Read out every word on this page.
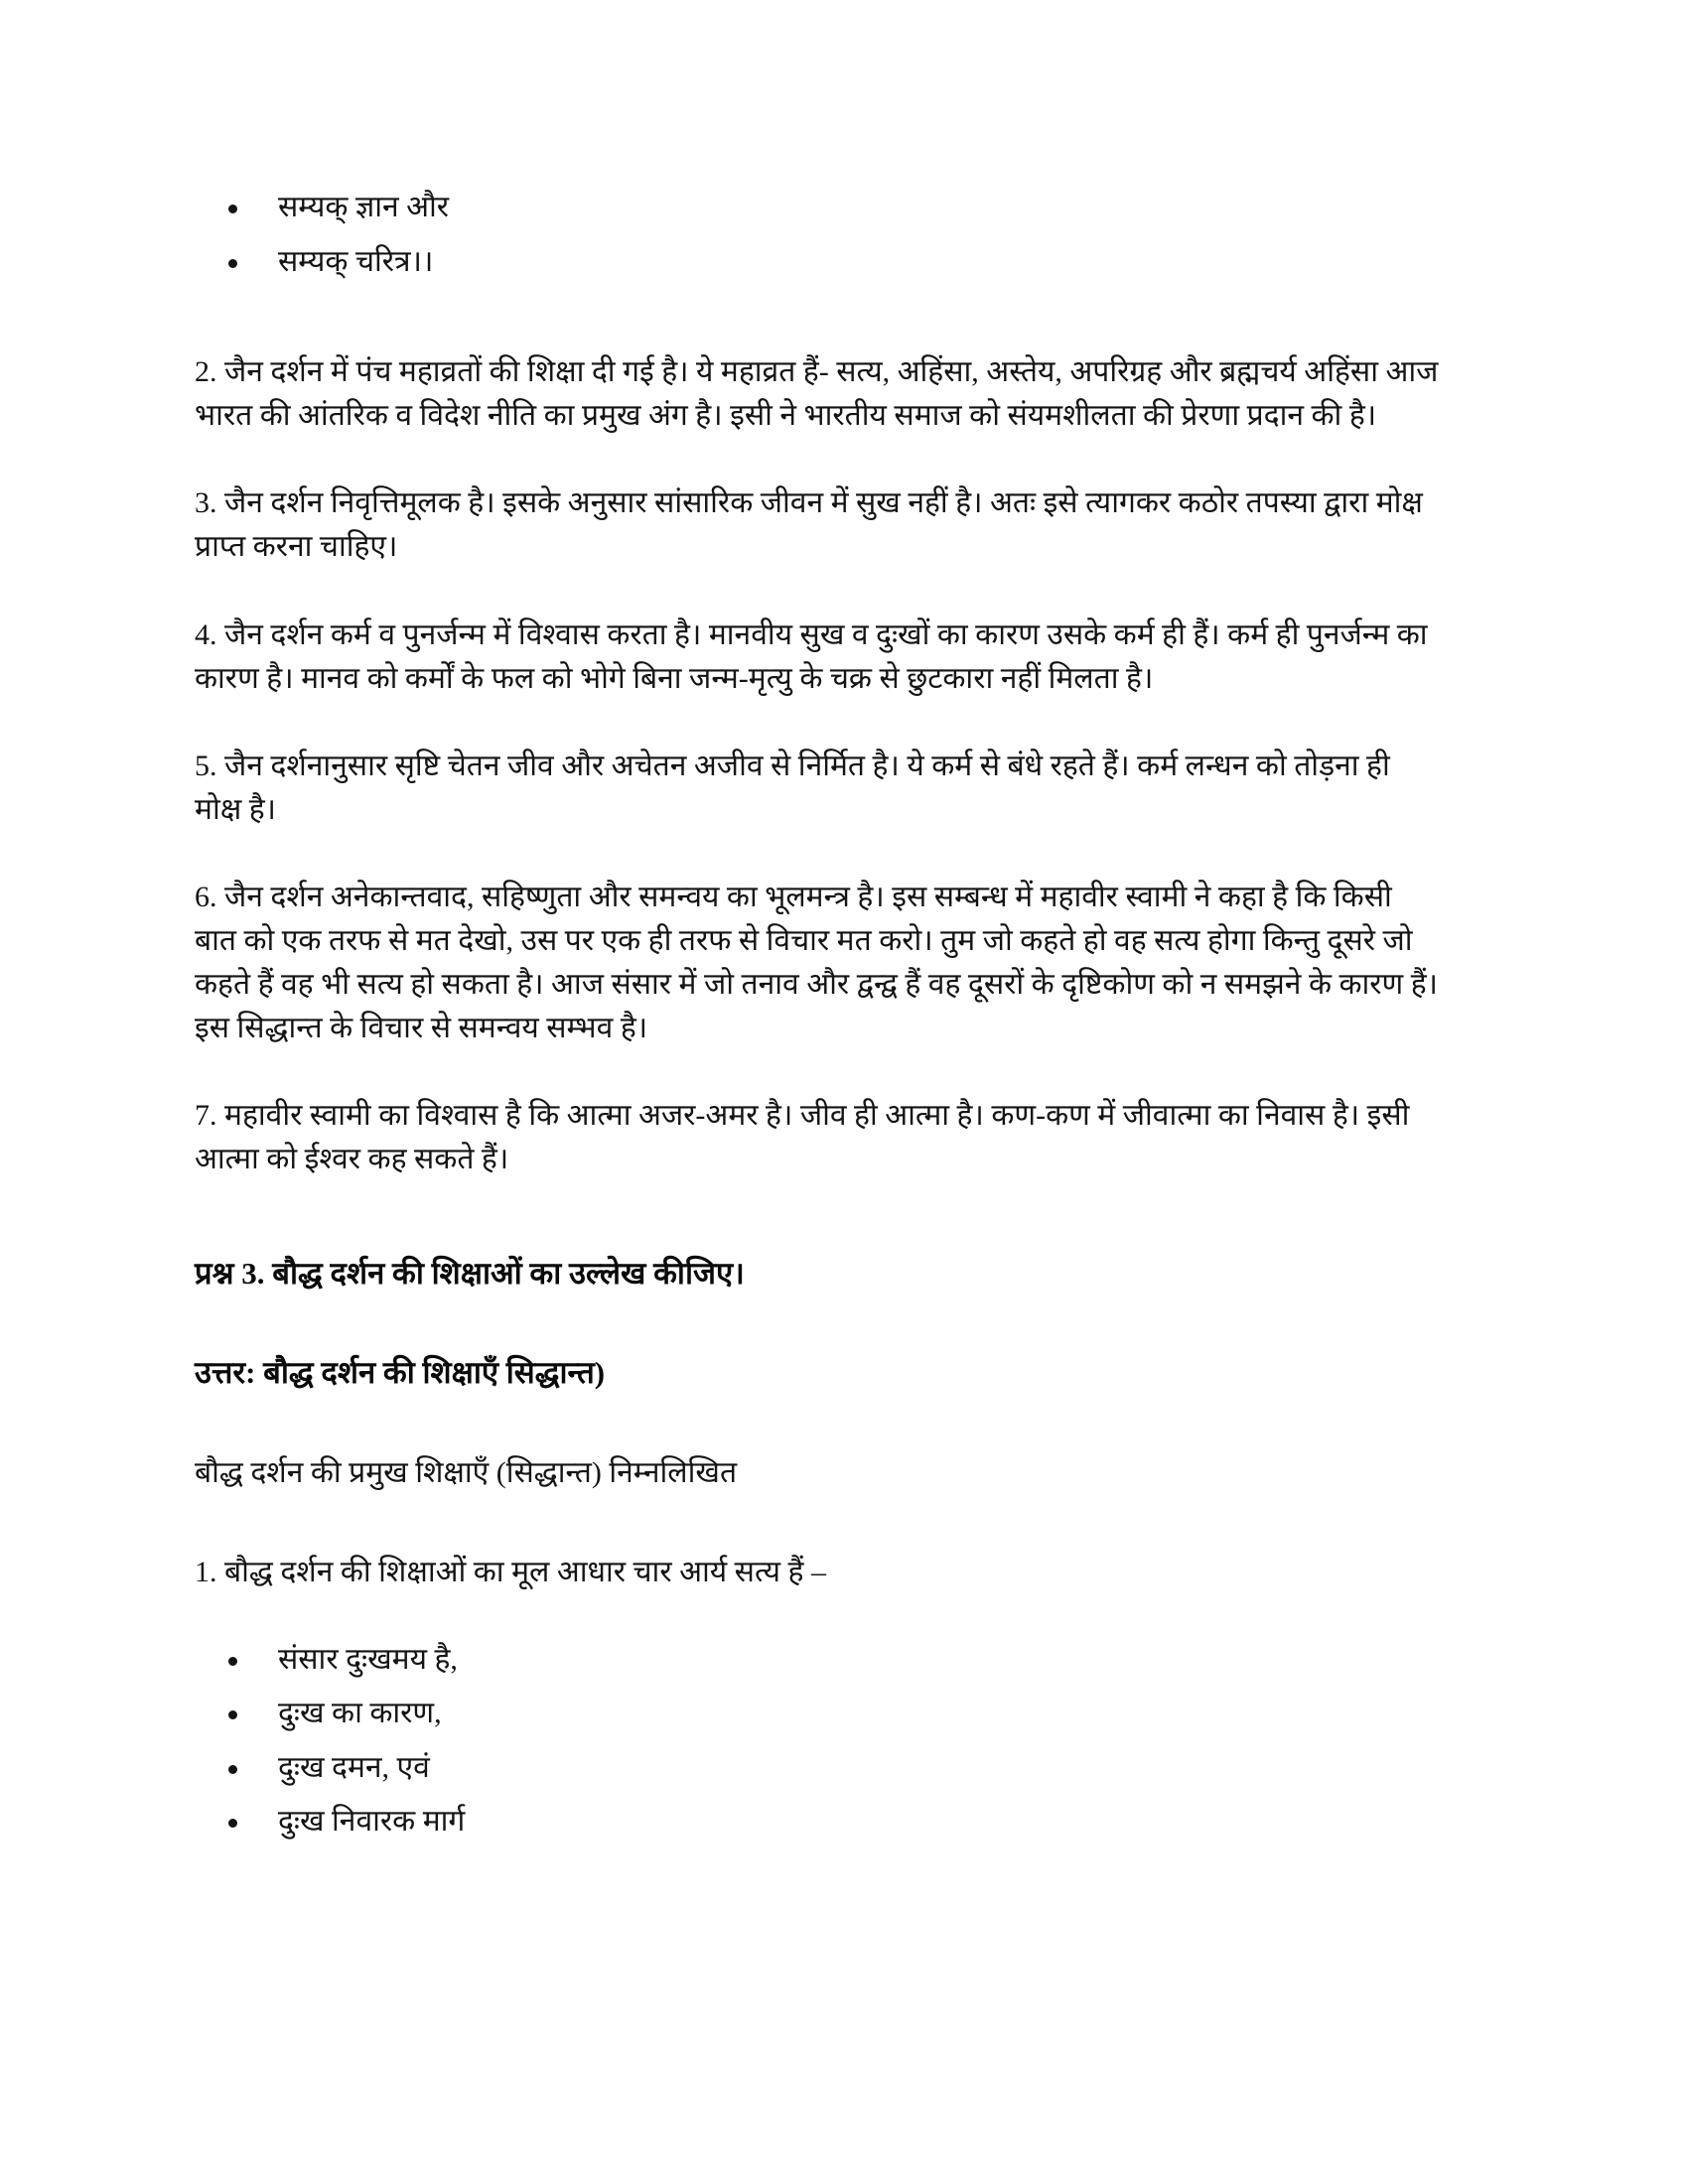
सम्यक् ज्ञान और
सम्यक् चरित्र।।

2. जैन दर्शन में पंच महाव्रतों की शिक्षा दी गई है। ये महाव्रत हैं- सत्य, अहिंसा, अस्तेय, अपरिग्रह और ब्रह्मचर्य अहिंसा आज भारत की आंतरिक व विदेश नीति का प्रमुख अंग है। इसी ने भारतीय समाज को संयमशीलता की प्रेरणा प्रदान की है।

3. जैन दर्शन निवृत्तिमूलक है। इसके अनुसार सांसारिक जीवन में सुख नहीं है। अतः इसे त्यागकर कठोर तपस्या द्वारा मोक्ष प्राप्त करना चाहिए।

4. जैन दर्शन कर्म व पुनर्जन्म में विश्वास करता है। मानवीय सुख व दुःखों का कारण उसके कर्म ही हैं। कर्म ही पुनर्जन्म का कारण है। मानव को कर्मों के फल को भोगे बिना जन्म-मृत्यु के चक्र से छुटकारा नहीं मिलता है।

5. जैन दर्शनानुसार सृष्टि चेतन जीव और अचेतन अजीव से निर्मित है। ये कर्म से बंधे रहते हैं। कर्म लन्धन को तोड़ना ही मोक्ष है।

6. जैन दर्शन अनेकान्तवाद, सहिष्णुता और समन्वय का भूलमन्त्र है। इस सम्बन्ध में महावीर स्वामी ने कहा है कि किसी बात को एक तरफ से मत देखो, उस पर एक ही तरफ से विचार मत करो। तुम जो कहते हो वह सत्य होगा किन्तु दूसरे जो कहते हैं वह भी सत्य हो सकता है। आज संसार में जो तनाव और द्वन्द्व हैं वह दूसरों के दृष्टिकोण को न समझने के कारण हैं। इस सिद्धान्त के विचार से समन्वय सम्भव है।

7. महावीर स्वामी का विश्वास है कि आत्मा अजर-अमर है। जीव ही आत्मा है। कण-कण में जीवात्मा का निवास है। इसी आत्मा को ईश्वर कह सकते हैं।

प्रश्न 3. बौद्ध दर्शन की शिक्षाओं का उल्लेख कीजिए।
उत्तर: बौद्ध दर्शन की शिक्षाएँ सिद्धान्त)

बौद्ध दर्शन की प्रमुख शिक्षाएँ (सिद्धान्त) निम्नलिखित

1. बौद्ध दर्शन की शिक्षाओं का मूल आधार चार आर्य सत्य हैं –

संसार दुःखमय है,
दुःख का कारण,
दुःख दमन, एवं
दुःख निवारक मार्ग
